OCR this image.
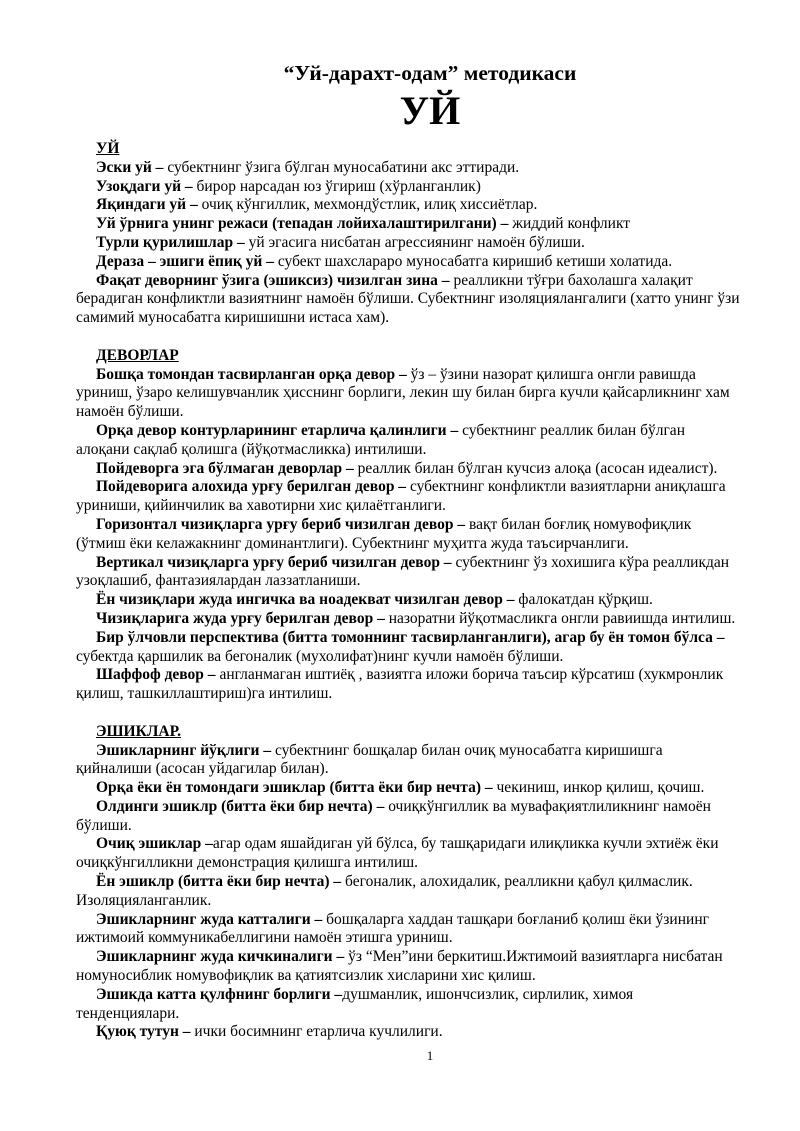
“Уй-дарахт-одам” методикаси
УЙ
УЙ

Эски уй – субектнинг ўзига бўлган муносабатини акс эттиради.

Узоқдаги уй – бирор нарсадан юз ўгириш (хўрланганлик)

Яқиндаги уй – очиқ кўнгиллик, мехмондўстлик, илиқ хиссиётлар.

Уй ўрнига унинг режаси (тепадан лойихалаштирилгани) – жиддий конфликт

Турли қурилишлар – уй эгасига нисбатан агрессиянинг намоён бўлиши.

Дераза – эшиги ёпиқ уй – субект шахслараро муносабатга киришиб кетиши холатида.

Фақат деворнинг ўзига (эшиксиз) чизилган зина – реалликни тўғри бахолашга халақит берадиган конфликтли вазиятнинг намоён бўлиши. Субектнинг изоляциялангалиги (хатто унинг ўзи самимий муносабатга киришишни истаса хам).

ДЕВОРЛАР

Бошқа томондан тасвирланган орқа девор – ўз – ўзини назорат қилишга онгли равишда уриниш, ўзаро келишувчанлик ҳисснинг борлиги, лекин шу билан бирга кучли қайсарликнинг хам намоён бўлиши.

Орқа девор контурларининг етарлича қалинлиги – субектнинг реаллик билан бўлган алоқани сақлаб қолишга (йўқотмасликка) интилиши.

Пойдеворга эга бўлмаган деворлар – реаллик билан бўлган кучсиз алоқа (асосан идеалист).

Пойдеворига алохида урғу берилган девор – субектнинг конфликтли вазиятларни аниқлашга уриниши, қийинчилик ва хавотирни хис қилаётганлиги.

Горизонтал чизиқларга урғу бериб чизилган девор – вақт билан боғлиқ номувофиқлик (ўтмиш ёки келажакнинг доминантлиги). Субектнинг муҳитга жуда таъсирчанлиги.

Вертикал чизиқларга урғу бериб чизилган девор – субектнинг ўз хохишига кўра реалликдан узоқлашиб, фантазиялардан лаззатланиши.

Ён чизиқлари жуда ингичка ва ноадекват чизилган девор – фалокатдан қўрқиш.

Чизиқларига жуда урғу берилган девор – назоратни йўқотмасликга онгли равиишда интилиш.

Бир ўлчовли перспектива (битта томоннинг тасвирланганлиги), агар бу ён томон бўлса – субектда қаршилик ва бегоналик (мухолифат)нинг кучли намоён бўлиши.

Шаффоф девор – англанмаган иштиёқ , вазиятга иложи борича таъсир кўрсатиш (хукмронлик қилиш, ташкиллаштириш)га интилиш.

ЭШИКЛАР.

Эшикларнинг йўқлиги – субектнинг бошқалар билан очиқ муносабатга киришишга қийналиши (асосан уйдагилар билан).

Орқа ёки ён томондаги эшиклар (битта ёки бир нечта) – чекиниш, инкор қилиш, қочиш.

Олдинги эшиклр (битта ёки бир нечта) – очиқкўнгиллик ва мувафақиятлиликнинг намоён бўлиши.

Очиқ эшиклар –агар одам яшайдиган уй бўлса, бу ташқаридаги илиқликка кучли эхтиёж ёки очиқкўнгилликни демонстрация қилишга интилиш.

Ён эшиклр (битта ёки бир нечта) – бегоналик, алохидалик, реалликни қабул қилмаслик. Изоляцияланганлик.

Эшикларнинг жуда катталиги – бошқаларга хаддан ташқари боғланиб қолиш ёки ўзининг ижтимоий коммуникабеллигини намоён этишга уриниш.

Эшикларнинг жуда кичкиналиги – ўз “Мен”ини беркитиш.Ижтимоий вазиятларга нисбатан номуносиблик номувофиқлик ва қатиятсизлик хисларини хис қилиш.

Эшикда катта қулфнинг борлиги –душманлик, ишончсизлик, сирлилик, химоя тенденциялари.

Қуюқ тутун – ички босимнинг етарлича кучлилиги.

1
